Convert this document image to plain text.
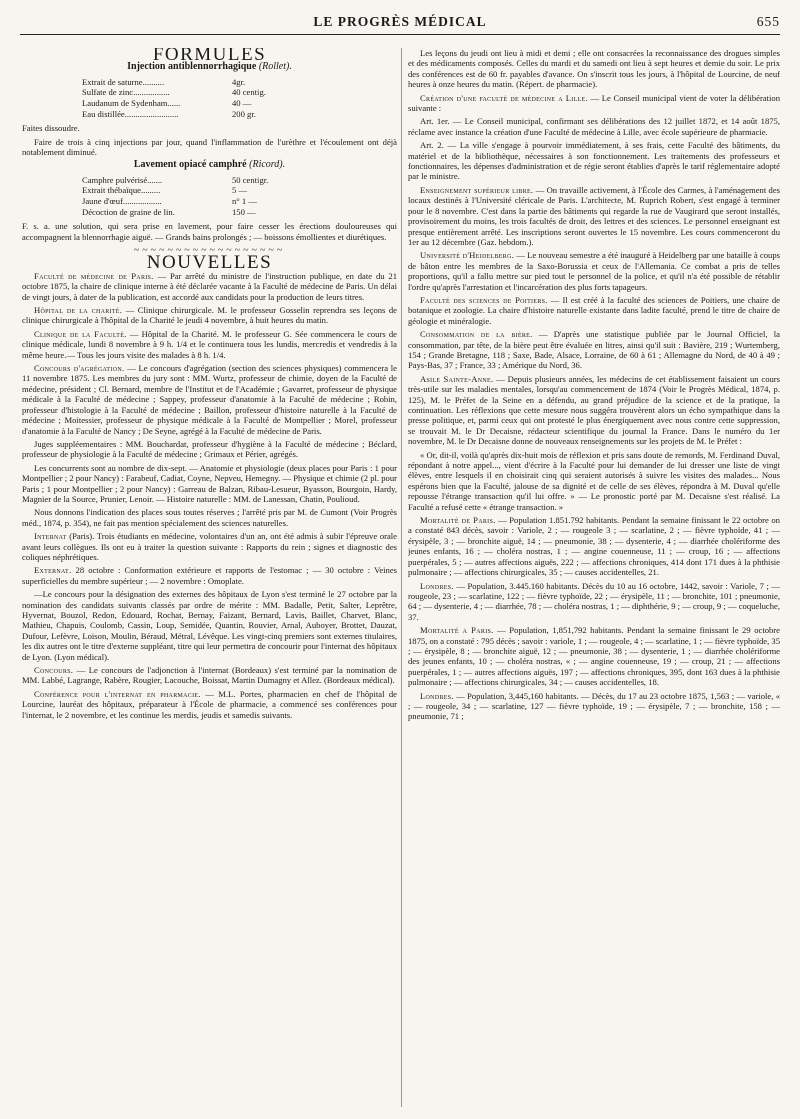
LE PROGRÈS MÉDICAL	655
FORMULES
Injection antiblennorrhagique (Rollet).
Extrait de saturne..........	4gr.
Sulfate de zinc.................	40 centig.
Laudanum de Sydenham......	40 —
Eau distillée.........................	200 gr.

Faites dissoudre.

Faire de trois à cinq injections par jour, quand l'inflammation de l'urèthre et l'écoulement ont déjà notablement diminué.

Lavement opiacé camphré (Ricord).
Camphre pulvérisé.......	50 centigr.
Extrait thébaïque.........	5 —
Jaune d'œuf..................	n° 1 —
Décoction de graine de lin.	150 —

F. s. a. une solution, qui sera prise en lavement, pour faire cesser les érections douloureuses qui accompagnent la blennorrhagie aiguë. — Grands bains prolongés ; — boissons émollientes et diurétiques.

~~~~~~~~~~~~~~~~~~
NOUVELLES

Faculté de médecine de Paris. — Par arrêté du ministre de l'instruction publique, en date du 21 octobre 1875, la chaire de clinique interne à été déclarée vacante à la Faculté de médecine de Paris. Un délai de vingt jours, à dater de la publication, est accordé aux candidats pour la production de leurs titres.

Hôpital de la charité. — Clinique chirurgicale. M. le professeur Gosselin reprendra ses leçons de clinique chirurgicale à l'hôpital de la Charité le jeudi 4 novembre, à huit heures du matin.

Clinique de la Faculté. — Hôpital de la Charité. M. le professeur G. Sée commencera le cours de clinique médicale, lundi 8 novembre à 9 h. 1/4 et le continuera tous les lundis, mercredis et vendredis à la même heure.— Tous les jours visite des malades à 8 h. 1/4.

Concours d'agrégation. — Le concours d'agrégation (section des sciences physiques) commencera le 11 novembre 1875. Les membres du jury sont : MM. Wurtz, professeur de chimie, doyen de la Faculté de médecine, président ; Cl. Bernard, membre de l'Institut et de l'Académie ; Gavarret, professeur de physique médicale à la Faculté de médecine ; Sappey, professeur d'anatomie à la Faculté de médecine ; Robin, professeur d'histologie à la Faculté de médecine ; Baillon, professeur d'histoire naturelle à la Faculté de médecine ; Moitessier, professeur de physique médicale à la Faculté de Montpellier ; Morel, professeur d'anatomie à la Faculté de Nancy ; De Seyne, agrégé à la Faculté de médecine de Paris.

Juges suppléementaires : MM. Bouchardat, professeur d'hygiène à la Faculté de médecine ; Béclard, professeur de physiologie à la Faculté de médecine ; Grimaux et Périer, agrégés.

Les concurrents sont au nombre de dix-sept. — Anatomie et physiologie (deux places pour Paris : 1 pour Montpellier ; 2 pour Nancy) : Farabeuf, Cadiat, Coyne, Nepveu, Hemegny. — Physique et chimie (2 pl. pour Paris ; 1 pour Montpellier ; 2 pour Nancy) : Garreau de Balzan, Ribau-Lesueur, Byasson, Bourgoin, Hardy, Magnier de la Source, Prunier, Lenoir. — Histoire naturelle : MM. de Lanessan, Chatin, Poulioud.

Nous donnons l'indication des places sous toutes réserves ; l'arrêté pris par M. de Cumont (Voir Progrès méd., 1874, p. 354), ne fait pas mention spécialement des sciences naturelles.

Internat (Paris). Trois étudiants en médecine, volontaires d'un an, ont été admis à subir l'épreuve orale avant leurs collègues. Ils ont eu à traiter la question suivante : Rapports du rein ; signes et diagnostic des coliques néphrétiques.

Externat. 28 octobre : Conformation extérieure et rapports de l'estomac ; — 30 octobre : Veines superficielles du membre supérieur ; — 2 novembre : Omoplate.

—Le concours pour la désignation des externes des hôpitaux de Lyon s'est terminé le 27 octobre par la nomination des candidats suivants classés par ordre de mérite : MM. Badalle, Petit, Salter, Leprêtre, Hyvernat, Bouzol, Redon, Edouard, Rochat, Bernay, Faizant, Bernard, Lavis, Baillet, Charvet, Blanc, Mathieu, Chapuis, Coulomb, Cassin, Loup, Semidée, Quantin, Rouvier, Arnal, Auboyer, Brottet, Dauzat, Dufour, Lefèvre, Loison, Moulin, Béraud, Métral, Lévêque. Les vingt-cinq premiers sont externes titulaires, les dix autres ont le titre d'externe suppléant, titre qui leur permettra de concourir pour l'internat des hôpitaux de Lyon. (Lyon médical).

Concours. — Le concours de l'adjonction à l'internat (Bordeaux) s'est terminé par la nomination de MM. Labbé, Lagrange, Rabère, Rougier, Lacouche, Boissat, Martin Dumagny et Allez. (Bordeaux médical).

Conférence pour l'internat en pharmacie. — M.L. Portes, pharmacien en chef de l'hôpital de Lourcine, lauréat des hôpitaux, préparateur à l'École de pharmacie, a commencé ses conférences pour l'internat, le 2 novembre, et les continue les merdis, jeudis et samedis suivants.

Les leçons du jeudi ont lieu à midi et demi ; elle ont consacrées la reconnaissance des drogues simples et des médicaments composés. Celles du mardi et du samedi ont lieu à sept heures et demie du soir. Le prix des conférences est de 60 fr. payables d'avance. On s'inscrit tous les jours, à l'hôpital de Lourcine, de neuf heures à onze heures du matin. (Répert. de pharmacie).

Création d'une faculté de médecine a Lille. — Le Conseil municipal vient de voter la délibération suivante :

Art. 1er. — Le Conseil municipal, confirmant ses délibérations des 12 juillet 1872, et 14 août 1875, réclame avec instance la création d'une Faculté de médecine à Lille, avec école supérieure de pharmacie.

Art. 2. — La ville s'engage à pourvoir immédiatement, à ses frais, cette Faculté des bâtiments, du matériel et de la bibliothèque, nécessaires à son fonctionnement. Les traitements des professeurs et fonctionnaires, les dépenses d'administration et de régie seront établies d'après le tarif réglementaire adopté par le ministre.

Enseignement supérieur libre. — On travaille activement, à l'École des Carmes, à l'aménagement des locaux destinés à l'Université cléricale de Paris. L'architecte, M. Ruprich Robert, s'est engagé à terminer pour le 8 novembre. C'est dans la partie des bâtiments qui regarde la rue de Vaugirard que seront installés, provisoirement du moins, les trois facultés de droit, des lettres et des sciences. Le personnel enseignant est presque entièrement arrêté. Les inscriptions seront ouvertes le 15 novembre. Les cours commenceront du 1er au 12 décembre (Gaz. hebdom.).

Université d'Heidelberg. — Le nouveau semestre a été inauguré à Heidelberg par une bataille à coups de bâton entre les membres de la Saxo-Borussia et ceux de l'Allemania. Ce combat a pris de telles proportions, qu'il a fallu mettre sur pied tout le personnel de la police, et qu'il n'a été possible de rétablir l'ordre qu'après l'arrestation et l'incarcération des plus forts tapageurs.

Faculté des sciences de Poitiers. — Il est créé à la faculté des sciences de Poitiers, une chaire de botanique et zoologie. La chaire d'histoire naturelle existante dans ladite faculté, prend le titre de chaire de géologie et minéralogie.

Consommation de la bière. — D'après une statistique publiée par le Journal Officiel, la consommation, par tête, de la bière peut être évaluée en litres, ainsi qu'il suit : Bavière, 219 ; Wurtemberg, 154 ; Grande Bretagne, 118 ; Saxe, Bade, Alsace, Lorraine, de 60 à 61 ; Allemagne du Nord, de 40 à 49 ; Pays-Bas, 37 ; France, 33 ; Amérique du Nord, 36.

Asile Sainte-Anne. — Depuis plusieurs années, les médecins de cet établissement faisaient un cours très-utile sur les maladies mentales, lorsqu'au commencement de 1874 (Voir le Progrès Médical, 1874, p. 125), M. le Préfet de la Seine en a défendu, au grand préjudice de la science et de la pratique, la continuation. Les réflexions que cette mesure nous suggéra trouvèrent alors un écho sympathique dans la presse politique, et, parmi ceux qui ont protesté le plus énergiquement avec nous contre cette suppression, se trouvait M. le Dr Decaisne, rédacteur scientifique du journal la France. Dans le numéro du 1er novembre, M. le Dr Decaisne donne de nouveaux renseignements sur les projets de M. le Préfet :

« Or, dit-il, voilà qu'après dix-huit mois de réflexion et pris sans doute de remords, M. Ferdinand Duval, répondant à notre appel..., vient d'écrire à la Faculté pour lui demander de lui dresser une liste de vingt élèves, entre lesquels il en choisirait cinq qui seraient autorisés à suivre les visites des malades... Nous espérons bien que la Faculté, jalouse de sa dignité et de celle de ses élèves, répondra à M. Duval qu'elle repousse l'étrange transaction qu'il lui offre. » — Le pronostic porté par M. Decaisne s'est réalisé. La Faculté a refusé cette « étrange transaction. »

Mortalité de Paris. — Population 1.851.792 habitants. Pendant la semaine finissant le 22 octobre on a constaté 843 décès, savoir : Variole, 2 ; — rougeole 3 ; — scarlatine, 2 ; — fièvre typhoïde, 41 ; — érysipèle, 3 ; — bronchite aiguë, 14 ; — pneumonie, 38 ; — dysenterie, 4 ; — diarrhée cholériforme des jeunes enfants, 16 ; — choléra nostras, 1 ; — angine couenneuse, 11 ; — croup, 16 ; — affections puerpérales, 5 ; — autres affections aiguës, 222 ; — affections chroniques, 414 dont 171 dues à la phthisie pulmonaire ; — affections chirurgicales, 35 ; — causes accidentelles, 21.

Londres. — Population, 3.445.160 habitants. Décès du 10 au 16 octobre, 1442, savoir : Variole, 7 ; — rougeole, 23 ; — scarlatine, 122 ; — fièvre typhoïde, 22 ; — érysipèle, 11 ; — bronchite, 101 ; pneumonie, 64 ; — dysenterie, 4 ; — diarrhée, 78 ; — choléra nostras, 1 ; — diphthérie, 9 ; — croup, 9 ; — coqueluche, 37.

Mortalité a Paris. — Population, 1,851,792 habitants. Pendant la semaine finissant le 29 octobre 1875, on a constaté : 795 décès ; savoir : variole, 1 ; — rougeole, 4 ; — scarlatine, 1 ; — fièvre typhoïde, 35 ; — érysipèle, 8 ; — bronchite aiguë, 12 ; — pneumonie, 38 ; — dysenterie, 1 ; — diarrhée cholériforme des jeunes enfants, 10 ; — choléra nostras, « ; — angine couenneuse, 19 ; — croup, 21 ; — affections puerpérales, 1 ; — autres affections aiguës, 197 ; — affections chroniques, 395, dont 163 dues à la phthisie pulmonaire ; — affections chirurgicales, 34 ; — causes accidentelles, 18.

Londres. — Population, 3,445,160 habitants. — Décès, du 17 au 23 octobre 1875, 1,563 ; — variole, « ; — rougeole, 34 ; — scarlatine, 127 — fièvre typhoïde, 19 ; — érysipèle, 7 ; — bronchite, 158 ; — pneumonie, 71 ;
